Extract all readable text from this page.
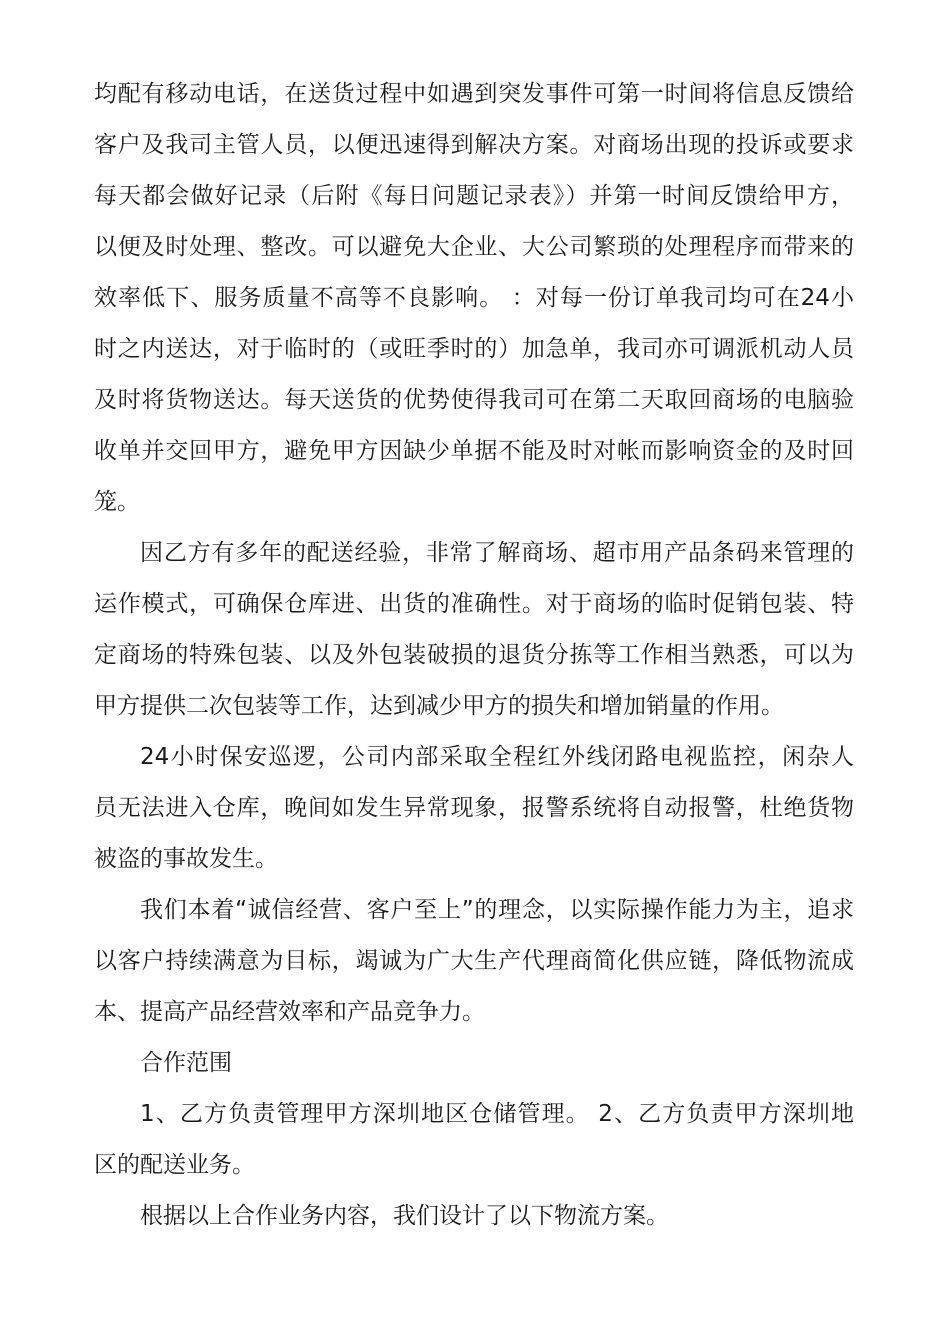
均配有移动电话，在送货过程中如遇到突发事件可第一时间将信息反馈给
客户及我司主管人员，以便迅速得到解决方案。对商场出现的投诉或要求
每天都会做好记录（后附《每日问题记录表》）并第一时间反馈给甲方，
以便及时处理、整改。可以避免大企业、大公司繁琐的处理程序而带来的
效率低下、服务质量不高等不良影响。 ：对每一份订单我司均可在24小
时之内送达，对于临时的（或旺季时的）加急单，我司亦可调派机动人员
及时将货物送达。每天送货的优势使得我司可在第二天取回商场的电脑验
收单并交回甲方，避免甲方因缺少单据不能及时对帐而影响资金的及时回
笼。
因乙方有多年的配送经验，非常了解商场、超市用产品条码来管理的
运作模式，可确保仓库进、出货的准确性。对于商场的临时促销包装、特
定商场的特殊包装、以及外包装破损的退货分拣等工作相当熟悉，可以为
甲方提供二次包装等工作，达到减少甲方的损失和增加销量的作用。
24小时保安巡逻，公司内部采取全程红外线闭路电视监控，闲杂人
员无法进入仓库，晚间如发生异常现象，报警系统将自动报警，杜绝货物
被盗的事故发生。
我们本着“诚信经营、客户至上”的理念，以实际操作能力为主，追求
以客户持续满意为目标，竭诚为广大生产代理商简化供应链，降低物流成
本、提高产品经营效率和产品竞争力。
合作范围
1、乙方负责管理甲方深圳地区仓储管理。 2、乙方负责甲方深圳地
区的配送业务。
根据以上合作业务内容，我们设计了以下物流方案。
